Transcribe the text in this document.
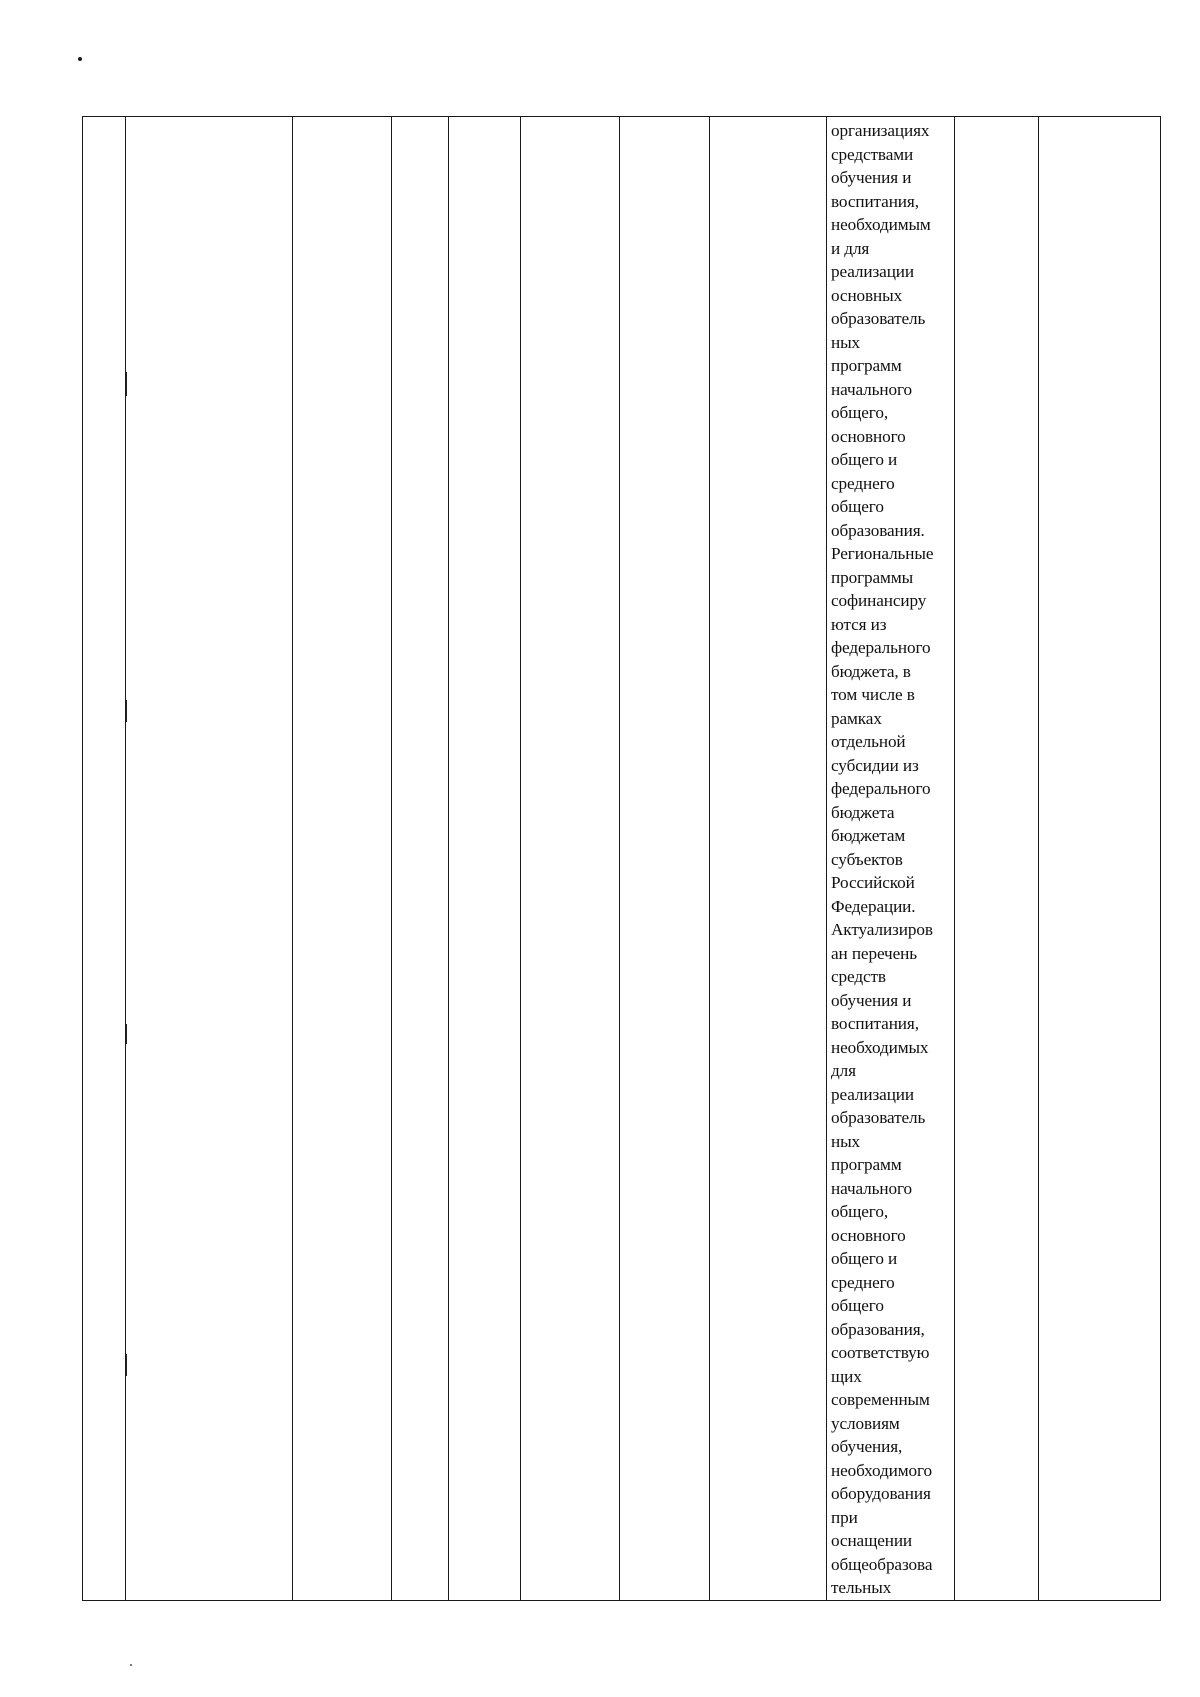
организациях
средствами
обучения и
воспитания,
необходимым
и для
реализации
основных
образователь
ных
программ
начального
общего,
основного
общего и
среднего
общего
образования.
Региональные
программы
софинансиру
ются из
федерального
бюджета, в
том числе в
рамках
отдельной
субсидии из
федерального
бюджета
бюджетам
субъектов
Российской
Федерации.
Актуализиров
ан перечень
средств
обучения и
воспитания,
необходимых
для
реализации
образователь
ных
программ
начального
общего,
основного
общего и
среднего
общего
образования,
соответствую
щих
современным
условиям
обучения,
необходимого
оборудования
при
оснащении
общеобразова
тельных
